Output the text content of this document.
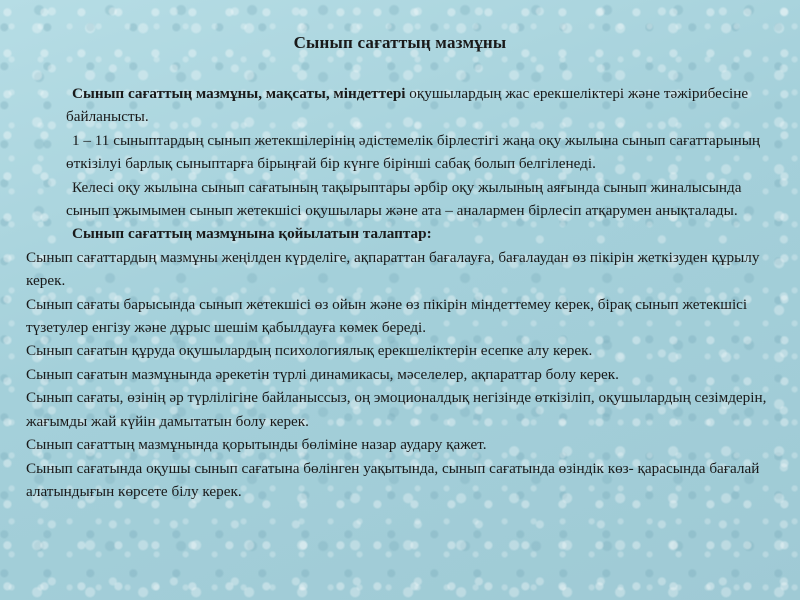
Сынып сағаттың мазмұны

Сынып сағаттың мазмұны, мақсаты, міндеттері оқушылардың жас ерекшеліктері және тәжірибесіне байланысты.

1 – 11 сыныптардың сынып жетекшілерінің әдістемелік бірлестігі жаңа оқу жылына сынып сағаттарының өткізілуі барлық сыныптарға бірыңғай бір күнге бірінші сабақ болып белгіленеді.

Келесі оқу жылына сынып сағатының тақырыптары әрбір оқу жылының аяғында сынып жиналысында сынып ұжымымен сынып жетекшісі оқушылары және ата – аналармен бірлесіп атқарумен анықталады.

Сынып сағаттың мазмұнына қойылатын талаптар:

Сынып сағаттардың мазмұны жеңілден күрделіге, ақпараттан бағалауға, бағалаудан өз пікірін жеткізуден құрылу керек.

Сынып сағаты барысында сынып жетекшісі өз ойын және өз пікірін міндеттемеу керек, бірақ сынып жетекшісі түзетулер енгізу және дұрыс шешім қабылдауға көмек береді.

Сынып сағатын құруда оқушылардың психологиялық ерекшеліктерін есепке алу керек.

Сынып сағатын мазмұнында әрекетін түрлі динамикасы, мәселелер, ақпараттар болу керек.

Сынып сағаты, өзінің әр түрлілігіне байланыссыз, оң эмоционалдық негізінде өткізіліп, оқушылардың сезімдерін, жағымды жай күйін дамытатын болу керек.

Сынып сағаттың мазмұнында қорытынды бөліміне назар аудару қажет.

Сынып сағатында оқушы сынып сағатына бөлінген уақытында, сынып сағатында өзіндік көз- қарасында бағалай алатындығын көрсете білу керек.
